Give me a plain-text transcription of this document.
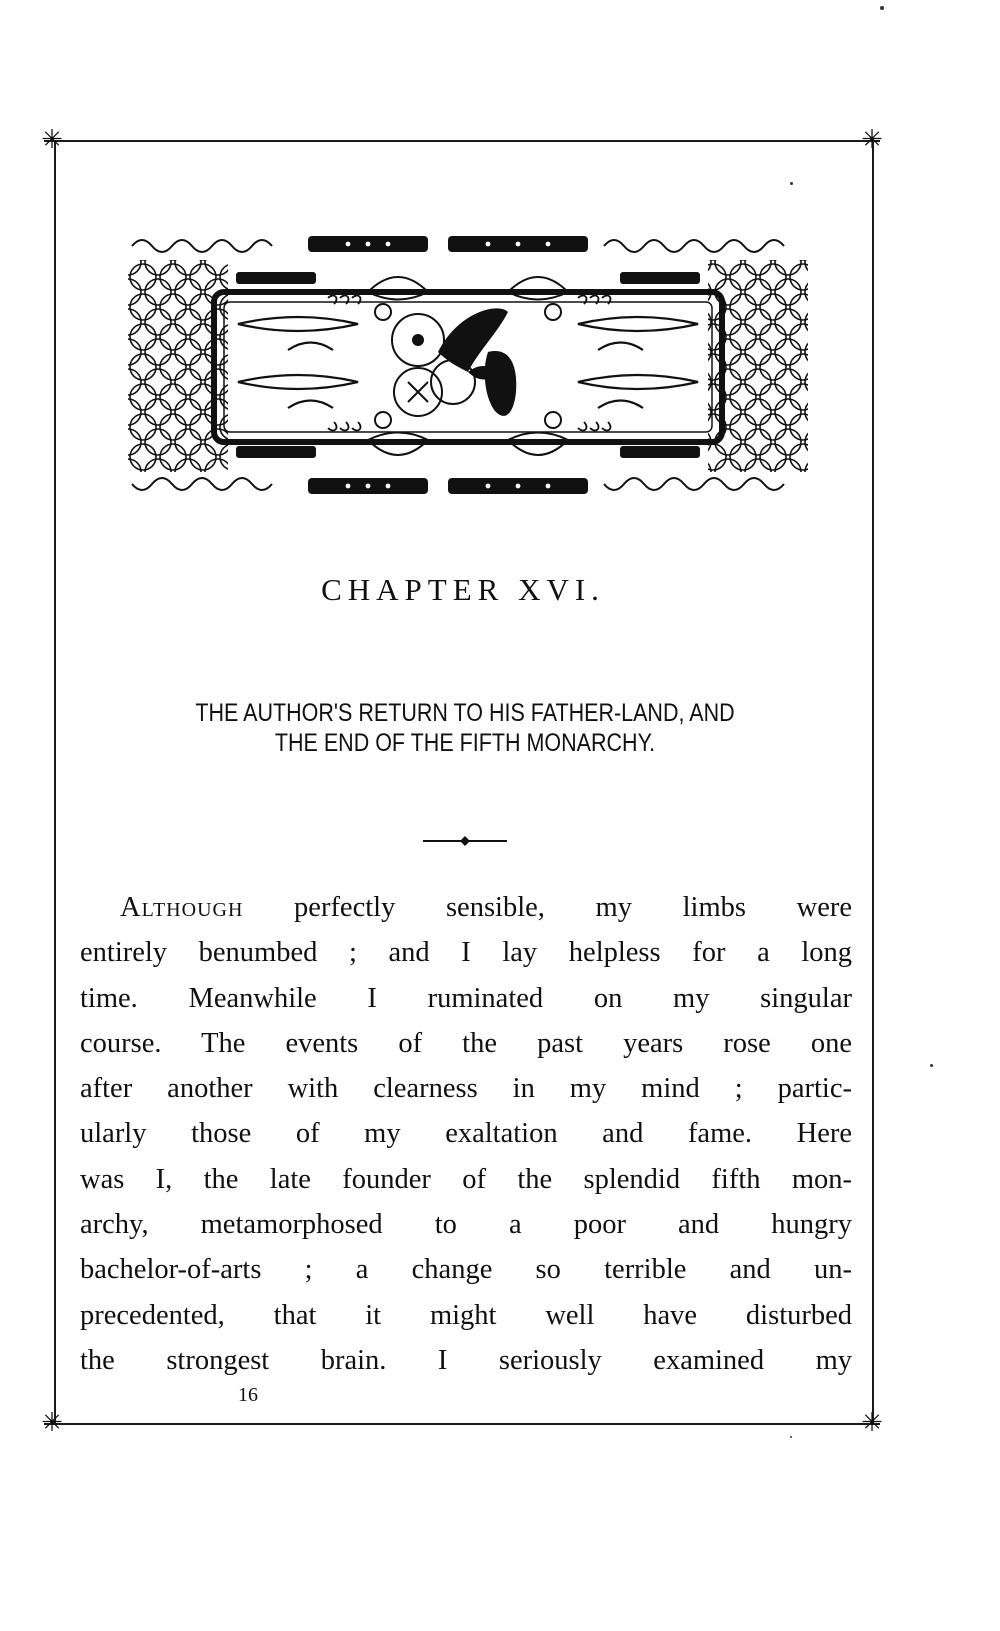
✳	✳
✳	✳
CHAPTER XVI.
THE AUTHOR'S RETURN TO HIS FATHER-LAND, AND
THE END OF THE FIFTH MONARCHY.
Although perfectly sensible, my limbs were
entirely benumbed ; and I lay helpless for a long
time. Meanwhile I ruminated on my singular
course. The events of the past years rose one
after another with clearness in my mind ; partic-
ularly those of my exaltation and fame. Here
was I, the late founder of the splendid fifth mon-
archy, metamorphosed to a poor and hungry
bachelor-of-arts ; a change so terrible and un-
precedented, that it might well have disturbed
the strongest brain. I seriously examined my
16
